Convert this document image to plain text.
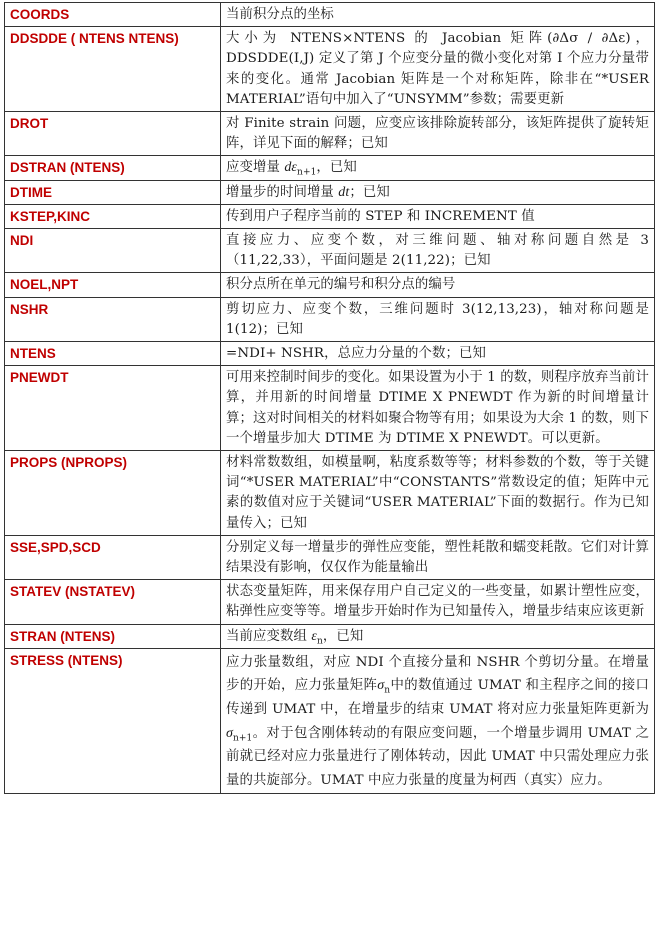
COORDS	当前积分点的坐标
DDSDDE ( NTENS NTENS)	大小为 NTENS×NTENS 的 Jacobian 矩阵(∂Δσ / ∂Δε)，DDSDDE(I,J) 定义了第 J 个应变分量的微小变化对第 I 个应力分量带来的变化。通常 Jacobian 矩阵是一个对称矩阵，除非在“*USER MATERIAL”语句中加入了“UNSYMM”参数；需要更新
DROT	对 Finite strain 问题，应变应该排除旋转部分，该矩阵提供了旋转矩阵，详见下面的解释；已知
DSTRAN (NTENS)	应变增量 $d\varepsilon_{n+1}$，已知
DTIME	增量步的时间增量 dt；已知
KSTEP,KINC	传到用户子程序当前的 STEP 和 INCREMENT 值
NDI	直接应力、应变个数，对三维问题、轴对称问题自然是 3（11,22,33），平面问题是 2(11,22)；已知
NOEL,NPT	积分点所在单元的编号和积分点的编号
NSHR	剪切应力、应变个数，三维问题时 3(12,13,23)，轴对称问题是 1(12)；已知
NTENS	=NDI+ NSHR，总应力分量的个数；已知
PNEWDT	可用来控制时间步的变化。如果设置为小于 1 的数，则程序放弃当前计算，并用新的时间增量 DTIME X PNEWDT 作为新的时间增量计算；这对时间相关的材料如聚合物等有用；如果设为大余 1 的数，则下一个增量步加大 DTIME 为 DTIME X PNEWDT。可以更新。
PROPS (NPROPS)	材料常数数组，如模量啊，粘度系数等等；材料参数的个数，等于关键词“*USER MATERIAL”中“CONSTANTS”常数设定的值；矩阵中元素的数值对应于关键词“USER MATERIAL”下面的数据行。作为已知量传入；已知
SSE,SPD,SCD	分别定义每一增量步的弹性应变能，塑性耗散和蠕变耗散。它们对计算结果没有影响，仅仅作为能量输出
STATEV (NSTATEV)	状态变量矩阵，用来保存用户自己定义的一些变量，如累计塑性应变，粘弹性应变等等。增量步开始时作为已知量传入，增量步结束应该更新
STRAN (NTENS)	当前应变数组 $\varepsilon_n$，已知
STRESS (NTENS)	应力张量数组，对应 NDI 个直接分量和 NSHR 个剪切分量。在增量步的开始，应力张量矩阵$\sigma_n$中的数值通过 UMAT 和主程序之间的接口传递到 UMAT 中，在增量步的结束 UMAT 将对应力张量矩阵更新为$\sigma_{n+1}$。对于包含刚体转动的有限应变问题，一个增量步调用 UMAT 之前就已经对应力张量进行了刚体转动，因此 UMAT 中只需处理应力张量的共旋部分。UMAT 中应力张量的度量为柯西（真实）应力。
